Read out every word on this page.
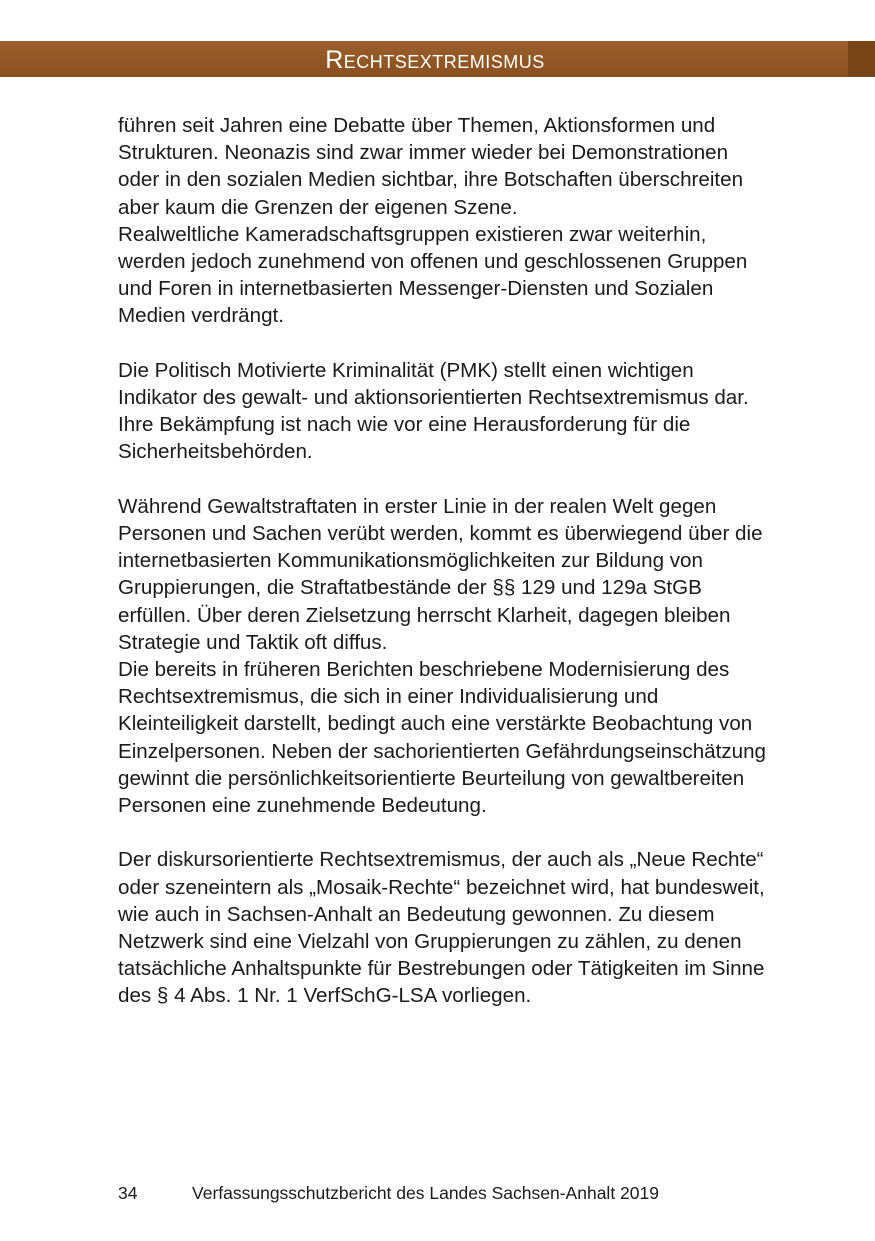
Rechtsextremismus

führen seit Jahren eine Debatte über Themen, Aktionsformen und Strukturen. Neonazis sind zwar immer wieder bei Demonstrationen oder in den sozialen Medien sichtbar, ihre Botschaften überschreiten aber kaum die Grenzen der eigenen Szene.

Realweltliche Kameradschaftsgruppen existieren zwar weiterhin, werden jedoch zunehmend von offenen und geschlossenen Gruppen und Foren in internetbasierten Messenger-Diensten und Sozialen Medien verdrängt.

Die Politisch Motivierte Kriminalität (PMK) stellt einen wichtigen Indikator des gewalt- und aktionsorientierten Rechtsextremismus dar. Ihre Bekämpfung ist nach wie vor eine Herausforderung für die Sicherheitsbehörden.

Während Gewaltstraftaten in erster Linie in der realen Welt gegen Personen und Sachen verübt werden, kommt es überwiegend über die internetbasierten Kommunikationsmöglichkeiten zur Bildung von Gruppierungen, die Straftatbestände der §§ 129 und 129a StGB erfüllen. Über deren Zielsetzung herrscht Klarheit, dagegen bleiben Strategie und Taktik oft diffus.

Die bereits in früheren Berichten beschriebene Modernisierung des Rechtsextremismus, die sich in einer Individualisierung und Kleinteiligkeit darstellt, bedingt auch eine verstärkte Beobachtung von Einzelpersonen. Neben der sachorientierten Gefährdungseinschätzung gewinnt die persönlichkeitsorientierte Beurteilung von gewaltbereiten Personen eine zunehmende Bedeutung.

Der diskursorientierte Rechtsextremismus, der auch als „Neue Rechte“ oder szeneintern als „Mosaik-Rechte“ bezeichnet wird, hat bundesweit, wie auch in Sachsen-Anhalt an Bedeutung gewonnen. Zu diesem Netzwerk sind eine Vielzahl von Gruppierungen zu zählen, zu denen tatsächliche Anhaltspunkte für Bestrebungen oder Tätigkeiten im Sinne des § 4 Abs. 1 Nr. 1 VerfSchG-LSA vorliegen.

34	Verfassungsschutzbericht des Landes Sachsen-Anhalt 2019
